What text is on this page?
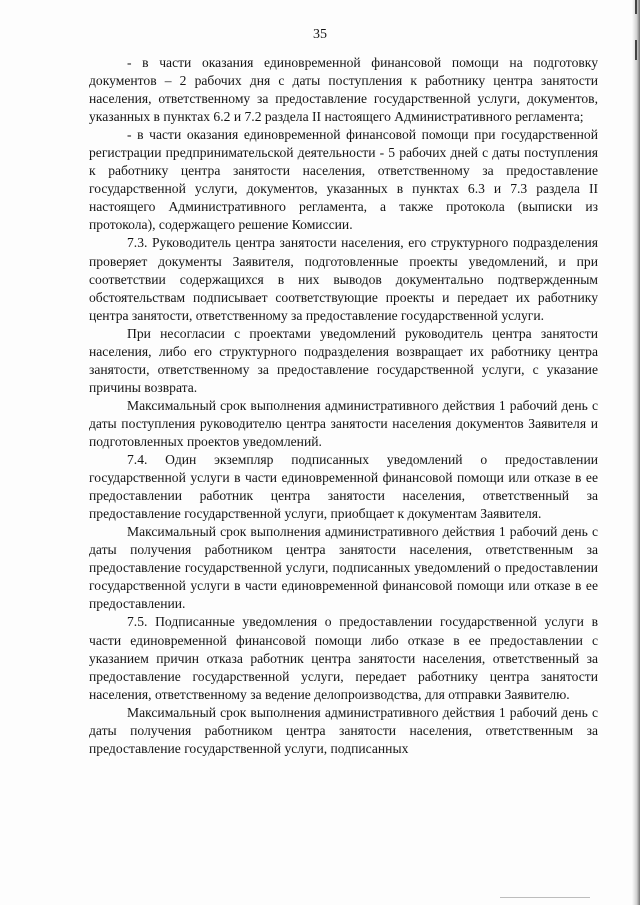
35

- в части оказания единовременной финансовой помощи на подготовку документов – 2 рабочих дня с даты поступления к работнику центра занятости населения, ответственному за предоставление государственной услуги, документов, указанных в пунктах 6.2 и 7.2 раздела II настоящего Административного регламента;

- в части оказания единовременной финансовой помощи при государственной регистрации предпринимательской деятельности - 5 рабочих дней с даты поступления к работнику центра занятости населения, ответственному за предоставление государственной услуги, документов, указанных в пунктах 6.3 и 7.3 раздела II настоящего Административного регламента, а также протокола (выписки из протокола), содержащего решение Комиссии.

7.3. Руководитель центра занятости населения, его структурного подразделения проверяет документы Заявителя, подготовленные проекты уведомлений, и при соответствии содержащихся в них выводов документально подтвержденным обстоятельствам подписывает соответствующие проекты и передает их работнику центра занятости, ответственному за предоставление государственной услуги.

При несогласии с проектами уведомлений руководитель центра занятости населения, либо его структурного подразделения возвращает их работнику центра занятости, ответственному за предоставление государственной услуги, с указание причины возврата.

Максимальный срок выполнения административного действия 1 рабочий день с даты поступления руководителю центра занятости населения документов Заявителя и подготовленных проектов уведомлений.

7.4. Один экземпляр подписанных уведомлений о предоставлении государственной услуги в части единовременной финансовой помощи или отказе в ее предоставлении работник центра занятости населения, ответственный за предоставление государственной услуги, приобщает к документам Заявителя.

Максимальный срок выполнения административного действия 1 рабочий день с даты получения работником центра занятости населения, ответственным за предоставление государственной услуги, подписанных уведомлений о предоставлении государственной услуги в части единовременной финансовой помощи или отказе в ее предоставлении.

7.5. Подписанные уведомления о предоставлении государственной услуги в части единовременной финансовой помощи либо отказе в ее предоставлении с указанием причин отказа работник центра занятости населения, ответственный за предоставление государственной услуги, передает работнику центра занятости населения, ответственному за ведение делопроизводства, для отправки Заявителю.

Максимальный срок выполнения административного действия 1 рабочий день с даты получения работником центра занятости населения, ответственным за предоставление государственной услуги, подписанных
